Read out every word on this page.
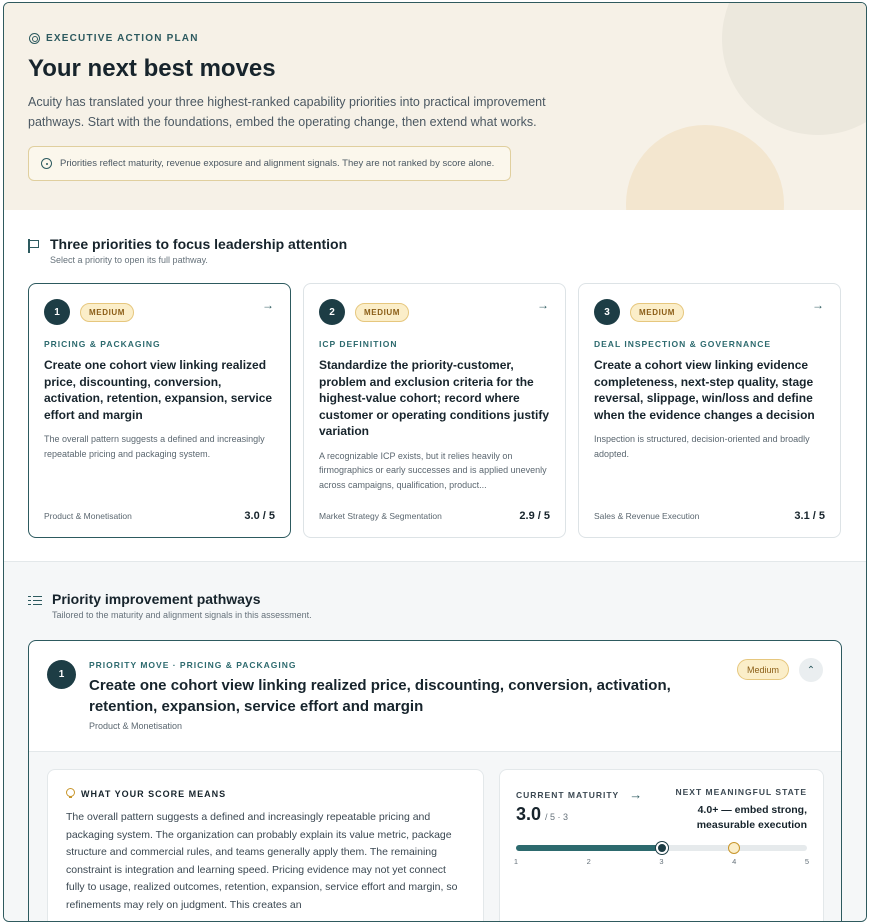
EXECUTIVE ACTION PLAN
Your next best moves

Acuity has translated your three highest-ranked capability priorities into practical improvement pathways. Start with the foundations, embed the operating change, then extend what works.

Priorities reflect maturity, revenue exposure and alignment signals. They are not ranked by score alone.
Three priorities to focus leadership attention
Select a priority to open its full pathway.
1	MEDIUM
→
PRICING & PACKAGING
Create one cohort view linking realized price, discounting, conversion, activation, retention, expansion, service effort and margin
The overall pattern suggests a defined and increasingly repeatable pricing and packaging system.
Product & Monetisation	3.0 / 5
2	MEDIUM
→
ICP DEFINITION
Standardize the priority-customer, problem and exclusion criteria for the highest-value cohort; record where customer or operating conditions justify variation
A recognizable ICP exists, but it relies heavily on firmographics or early successes and is applied unevenly across campaigns, qualification, product...
Market Strategy & Segmentation	2.9 / 5
3	MEDIUM
→
DEAL INSPECTION & GOVERNANCE
Create a cohort view linking evidence completeness, next-step quality, stage reversal, slippage, win/loss and define when the evidence changes a decision
Inspection is structured, decision-oriented and broadly adopted.
Sales & Revenue Execution	3.1 / 5
Priority improvement pathways
Tailored to the maturity and alignment signals in this assessment.
1
PRIORITY MOVE · PRICING & PACKAGING
Create one cohort view linking realized price, discounting, conversion, activation, retention, expansion, service effort and margin
Product & Monetisation
Medium	⌃
WHAT YOUR SCORE MEANS

The overall pattern suggests a defined and increasingly repeatable pricing and packaging system. The organization can probably explain its value metric, package structure and commercial rules, and teams generally apply them. The remaining constraint is integration and learning speed. Pricing evidence may not yet connect fully to usage, realized outcomes, retention, expansion, service effort and margin, so refinements may rely on judgment. This creates an

CURRENT MATURITY →
3.0 / 5 · 3
NEXT MEANINGFUL STATE
4.0+ — embed strong, measurable execution
1	2	3	4	5
